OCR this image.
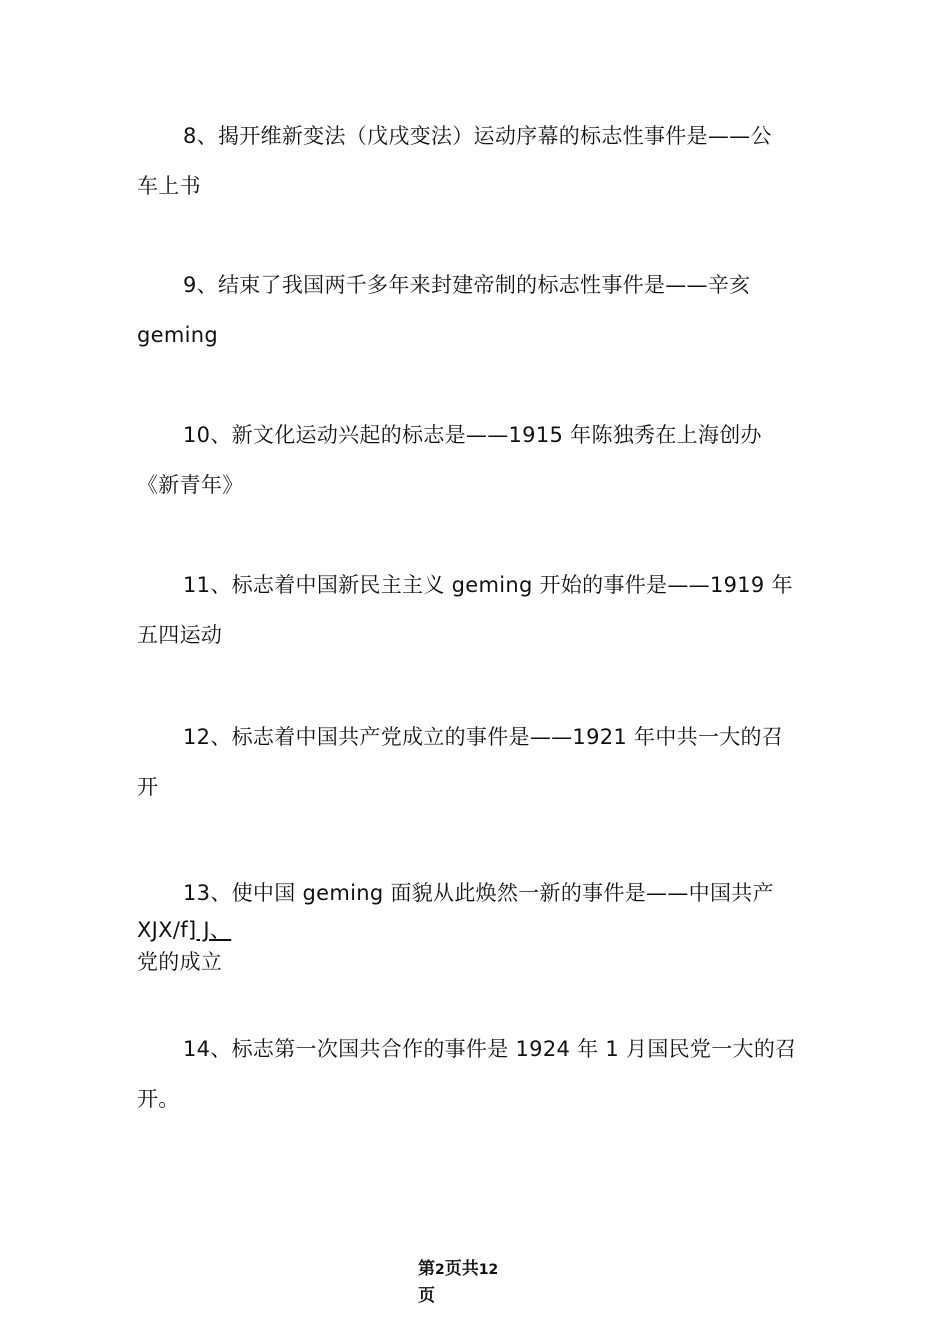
8、揭开维新变法（戊戌变法）运动序幕的标志性事件是——公
车上书
9、结束了我国两千多年来封建帝制的标志性事件是——辛亥
geming
10、新文化运动兴起的标志是——1915 年陈独秀在上海创办
《新青年》
11、标志着中国新民主主义 geming 开始的事件是——1919 年
五四运动
12、标志着中国共产党成立的事件是——1921 年中共一大的召
开
13、使中国 geming 面貌从此焕然一新的事件是——中国共产
XJX/f] J、
党的成立
14、标志第一次国共合作的事件是 1924 年 1 月国民党一大的召
开。
第2页共12
页
